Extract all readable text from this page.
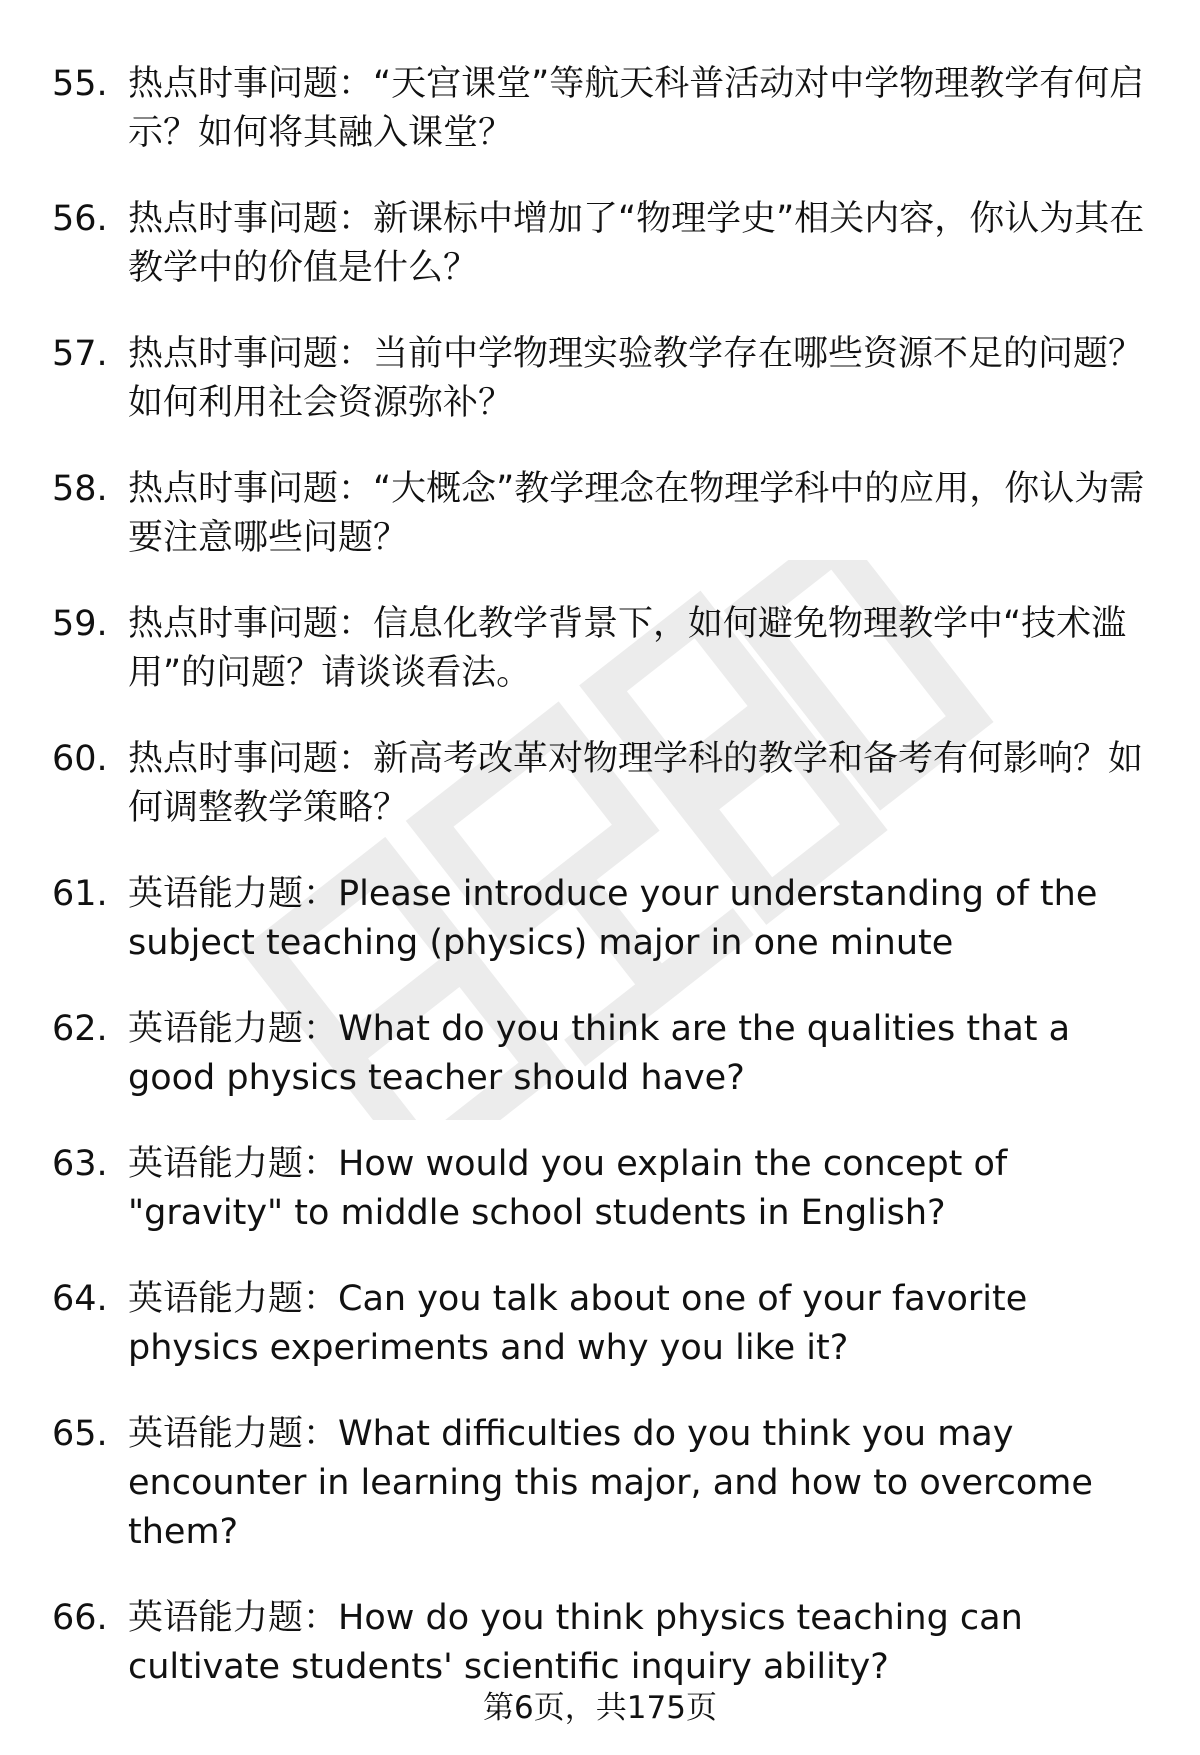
55. 热点时事问题：“天宫课堂”等航天科普活动对中学物理教学有何启示？如何将其融入课堂？
56. 热点时事问题：新课标中增加了“物理学史”相关内容，你认为其在教学中的价值是什么？
57. 热点时事问题：当前中学物理实验教学存在哪些资源不足的问题？如何利用社会资源弥补？
58. 热点时事问题：“大概念”教学理念在物理学科中的应用，你认为需要注意哪些问题？
59. 热点时事问题：信息化教学背景下，如何避免物理教学中“技术滥用”的问题？请谈谈看法。
60. 热点时事问题：新高考改革对物理学科的教学和备考有何影响？如何调整教学策略？
61. 英语能力题：Please introduce your understanding of the subject teaching (physics) major in one minute
62. 英语能力题：What do you think are the qualities that a good physics teacher should have?
63. 英语能力题：How would you explain the concept of "gravity" to middle school students in English?
64. 英语能力题：Can you talk about one of your favorite physics experiments and why you like it?
65. 英语能力题：What difficulties do you think you may encounter in learning this major, and how to overcome them?
66. 英语能力题：How do you think physics teaching can cultivate students' scientific inquiry ability?
第6页，共175页
